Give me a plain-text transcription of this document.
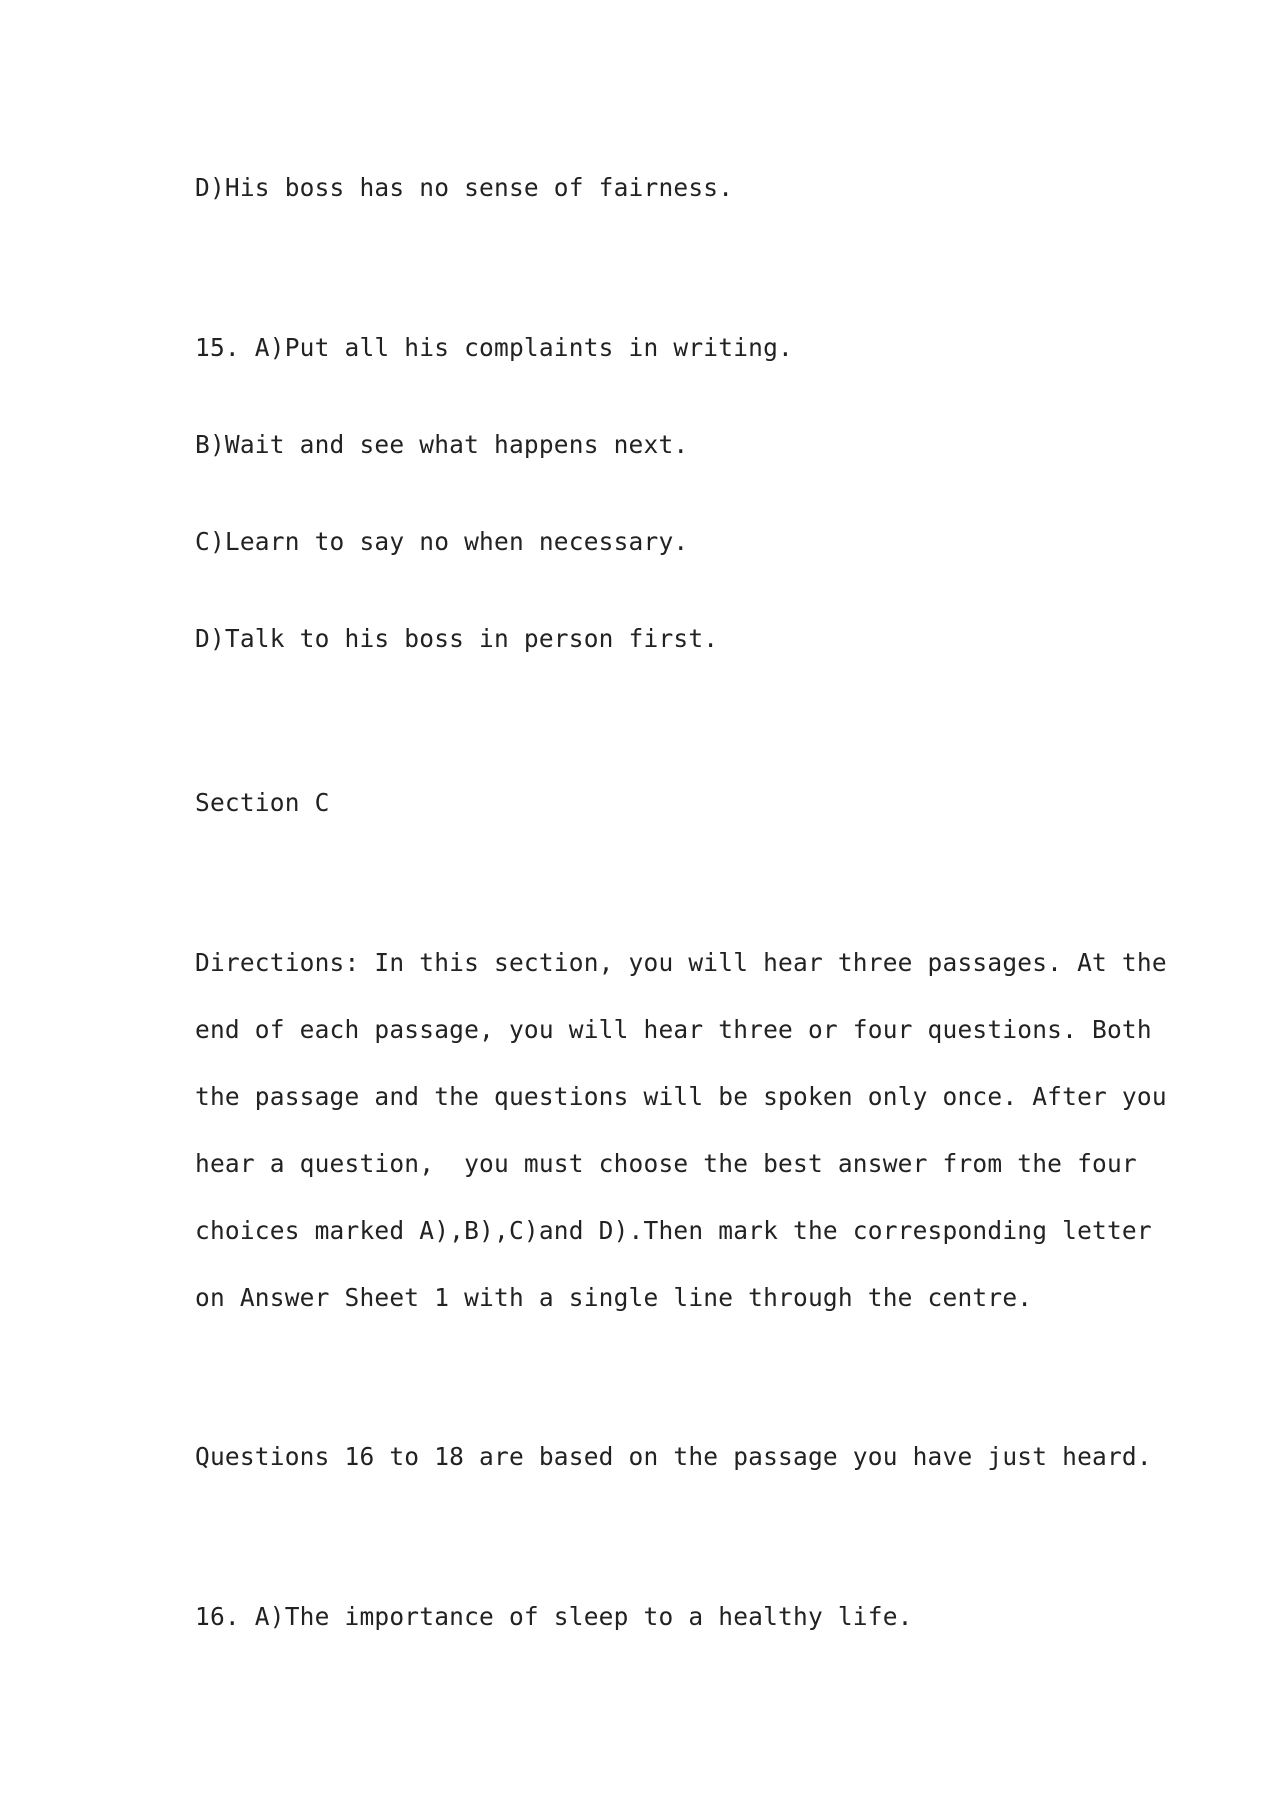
D)His boss has no sense of fairness.
15. A)Put all his complaints in writing.
B)Wait and see what happens next.
C)Learn to say no when necessary.
D)Talk to his boss in person first.
Section C
Directions: In this section, you will hear three passages. At the
end of each passage, you will hear three or four questions. Both
the passage and the questions will be spoken only once. After you
hear a question,  you must choose the best answer from the four
choices marked A),B),C)and D).Then mark the corresponding letter
on Answer Sheet 1 with a single line through the centre.
Questions 16 to 18 are based on the passage you have just heard.
16. A)The importance of sleep to a healthy life.
